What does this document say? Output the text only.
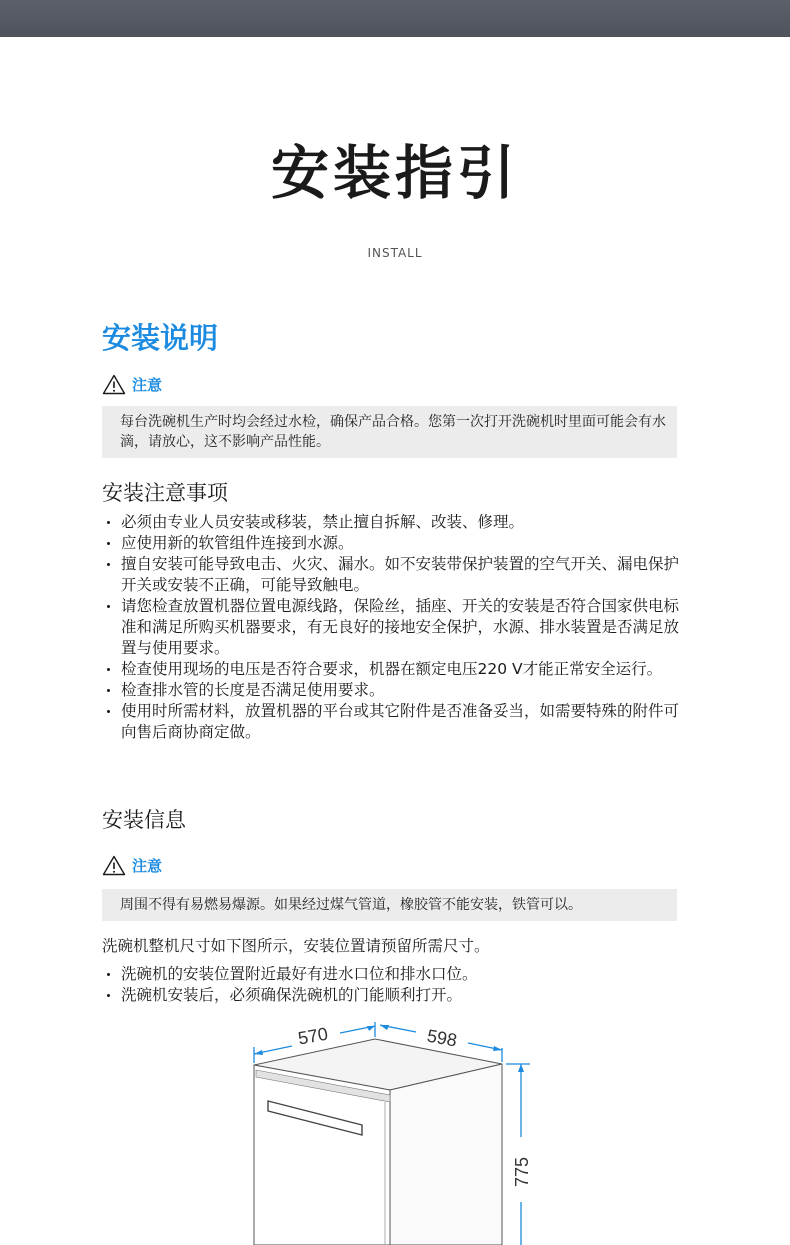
安装指引
INSTALL
安装说明
注意
每台洗碗机生产时均会经过水检，确保产品合格。您第一次打开洗碗机时里面可能会有水滴，请放心，这不影响产品性能。
安装注意事项
必须由专业人员安装或移装，禁止擅自拆解、改装、修理。
应使用新的软管组件连接到水源。
擅自安装可能导致电击、火灾、漏水。如不安装带保护装置的空气开关、漏电保护开关或安装不正确，可能导致触电。
请您检查放置机器位置电源线路，保险丝，插座、开关的安装是否符合国家供电标准和满足所购买机器要求，有无良好的接地安全保护，水源、排水装置是否满足放置与使用要求。
检查使用现场的电压是否符合要求，机器在额定电压220 V才能正常安全运行。
检查排水管的长度是否满足使用要求。
使用时所需材料，放置机器的平台或其它附件是否准备妥当，如需要特殊的附件可向售后商协商定做。
安装信息
注意
周围不得有易燃易爆源。如果经过煤气管道，橡胶管不能安装，铁管可以。
洗碗机整机尺寸如下图所示，安装位置请预留所需尺寸。
洗碗机的安装位置附近最好有进水口位和排水口位。
洗碗机安装后，必须确保洗碗机的门能顺利打开。
570	598
775
